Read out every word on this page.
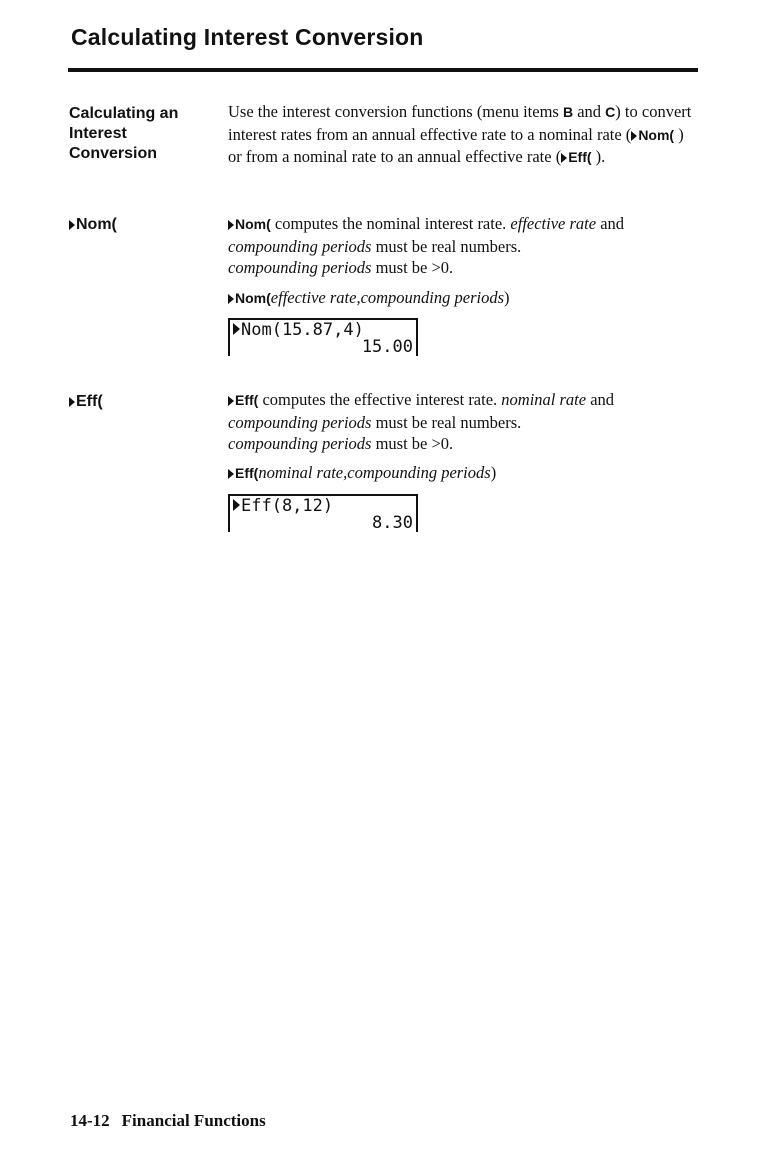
Calculating Interest Conversion
Calculating an
Interest
Conversion

Use the interest conversion functions (menu items B and C) to convert interest rates from an annual effective rate to a nominal rate ( Nom( ) or from a nominal rate to an annual effective rate ( Eff( ).

Nom(	Nom( computes the nominal interest rate. effective rate and compounding periods must be real numbers.
compounding periods must be >0.

Nom(effective rate,compounding periods)
Nom(15.87,4)
15.00
Eff(	Eff( computes the effective interest rate. nominal rate and
compounding periods must be real numbers.
compounding periods must be >0.

Eff(nominal rate,compounding periods)
Eff(8,12)
8.30
14-12 Financial Functions
